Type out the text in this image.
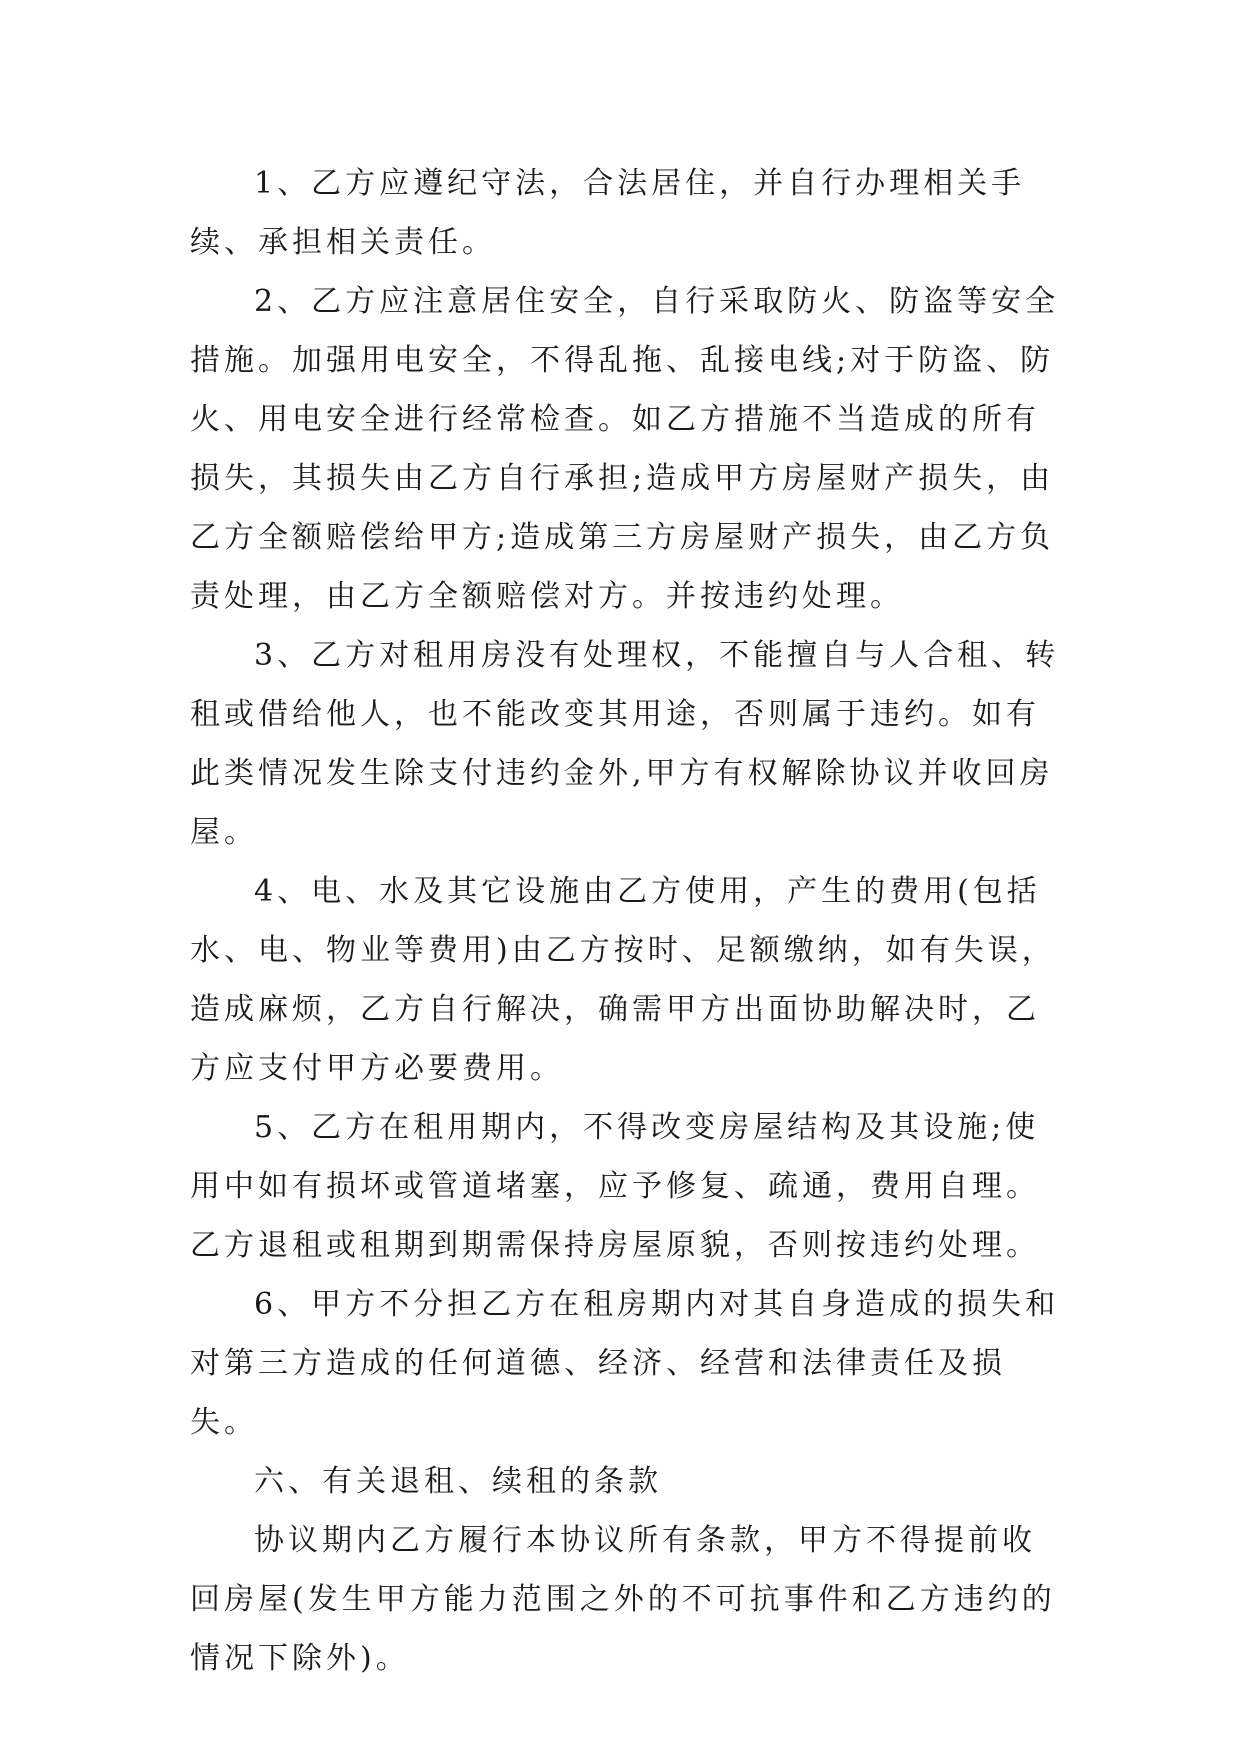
1、乙方应遵纪守法，合法居住，并自行办理相关手续、承担相关责任。

2、乙方应注意居住安全，自行采取防火、防盗等安全措施。加强用电安全，不得乱拖、乱接电线;对于防盗、防火、用电安全进行经常检查。如乙方措施不当造成的所有损失，其损失由乙方自行承担;造成甲方房屋财产损失，由乙方全额赔偿给甲方;造成第三方房屋财产损失，由乙方负责处理，由乙方全额赔偿对方。并按违约处理。

3、乙方对租用房没有处理权，不能擅自与人合租、转租或借给他人，也不能改变其用途，否则属于违约。如有此类情况发生除支付违约金外,甲方有权解除协议并收回房屋。

4、电、水及其它设施由乙方使用，产生的费用(包括水、电、物业等费用)由乙方按时、足额缴纳，如有失误，造成麻烦，乙方自行解决，确需甲方出面协助解决时，乙方应支付甲方必要费用。

5、乙方在租用期内，不得改变房屋结构及其设施;使用中如有损坏或管道堵塞，应予修复、疏通，费用自理。乙方退租或租期到期需保持房屋原貌，否则按违约处理。

6、甲方不分担乙方在租房期内对其自身造成的损失和对第三方造成的任何道德、经济、经营和法律责任及损失。

六、有关退租、续租的条款

协议期内乙方履行本协议所有条款，甲方不得提前收回房屋(发生甲方能力范围之外的不可抗事件和乙方违约的情况下除外)。
